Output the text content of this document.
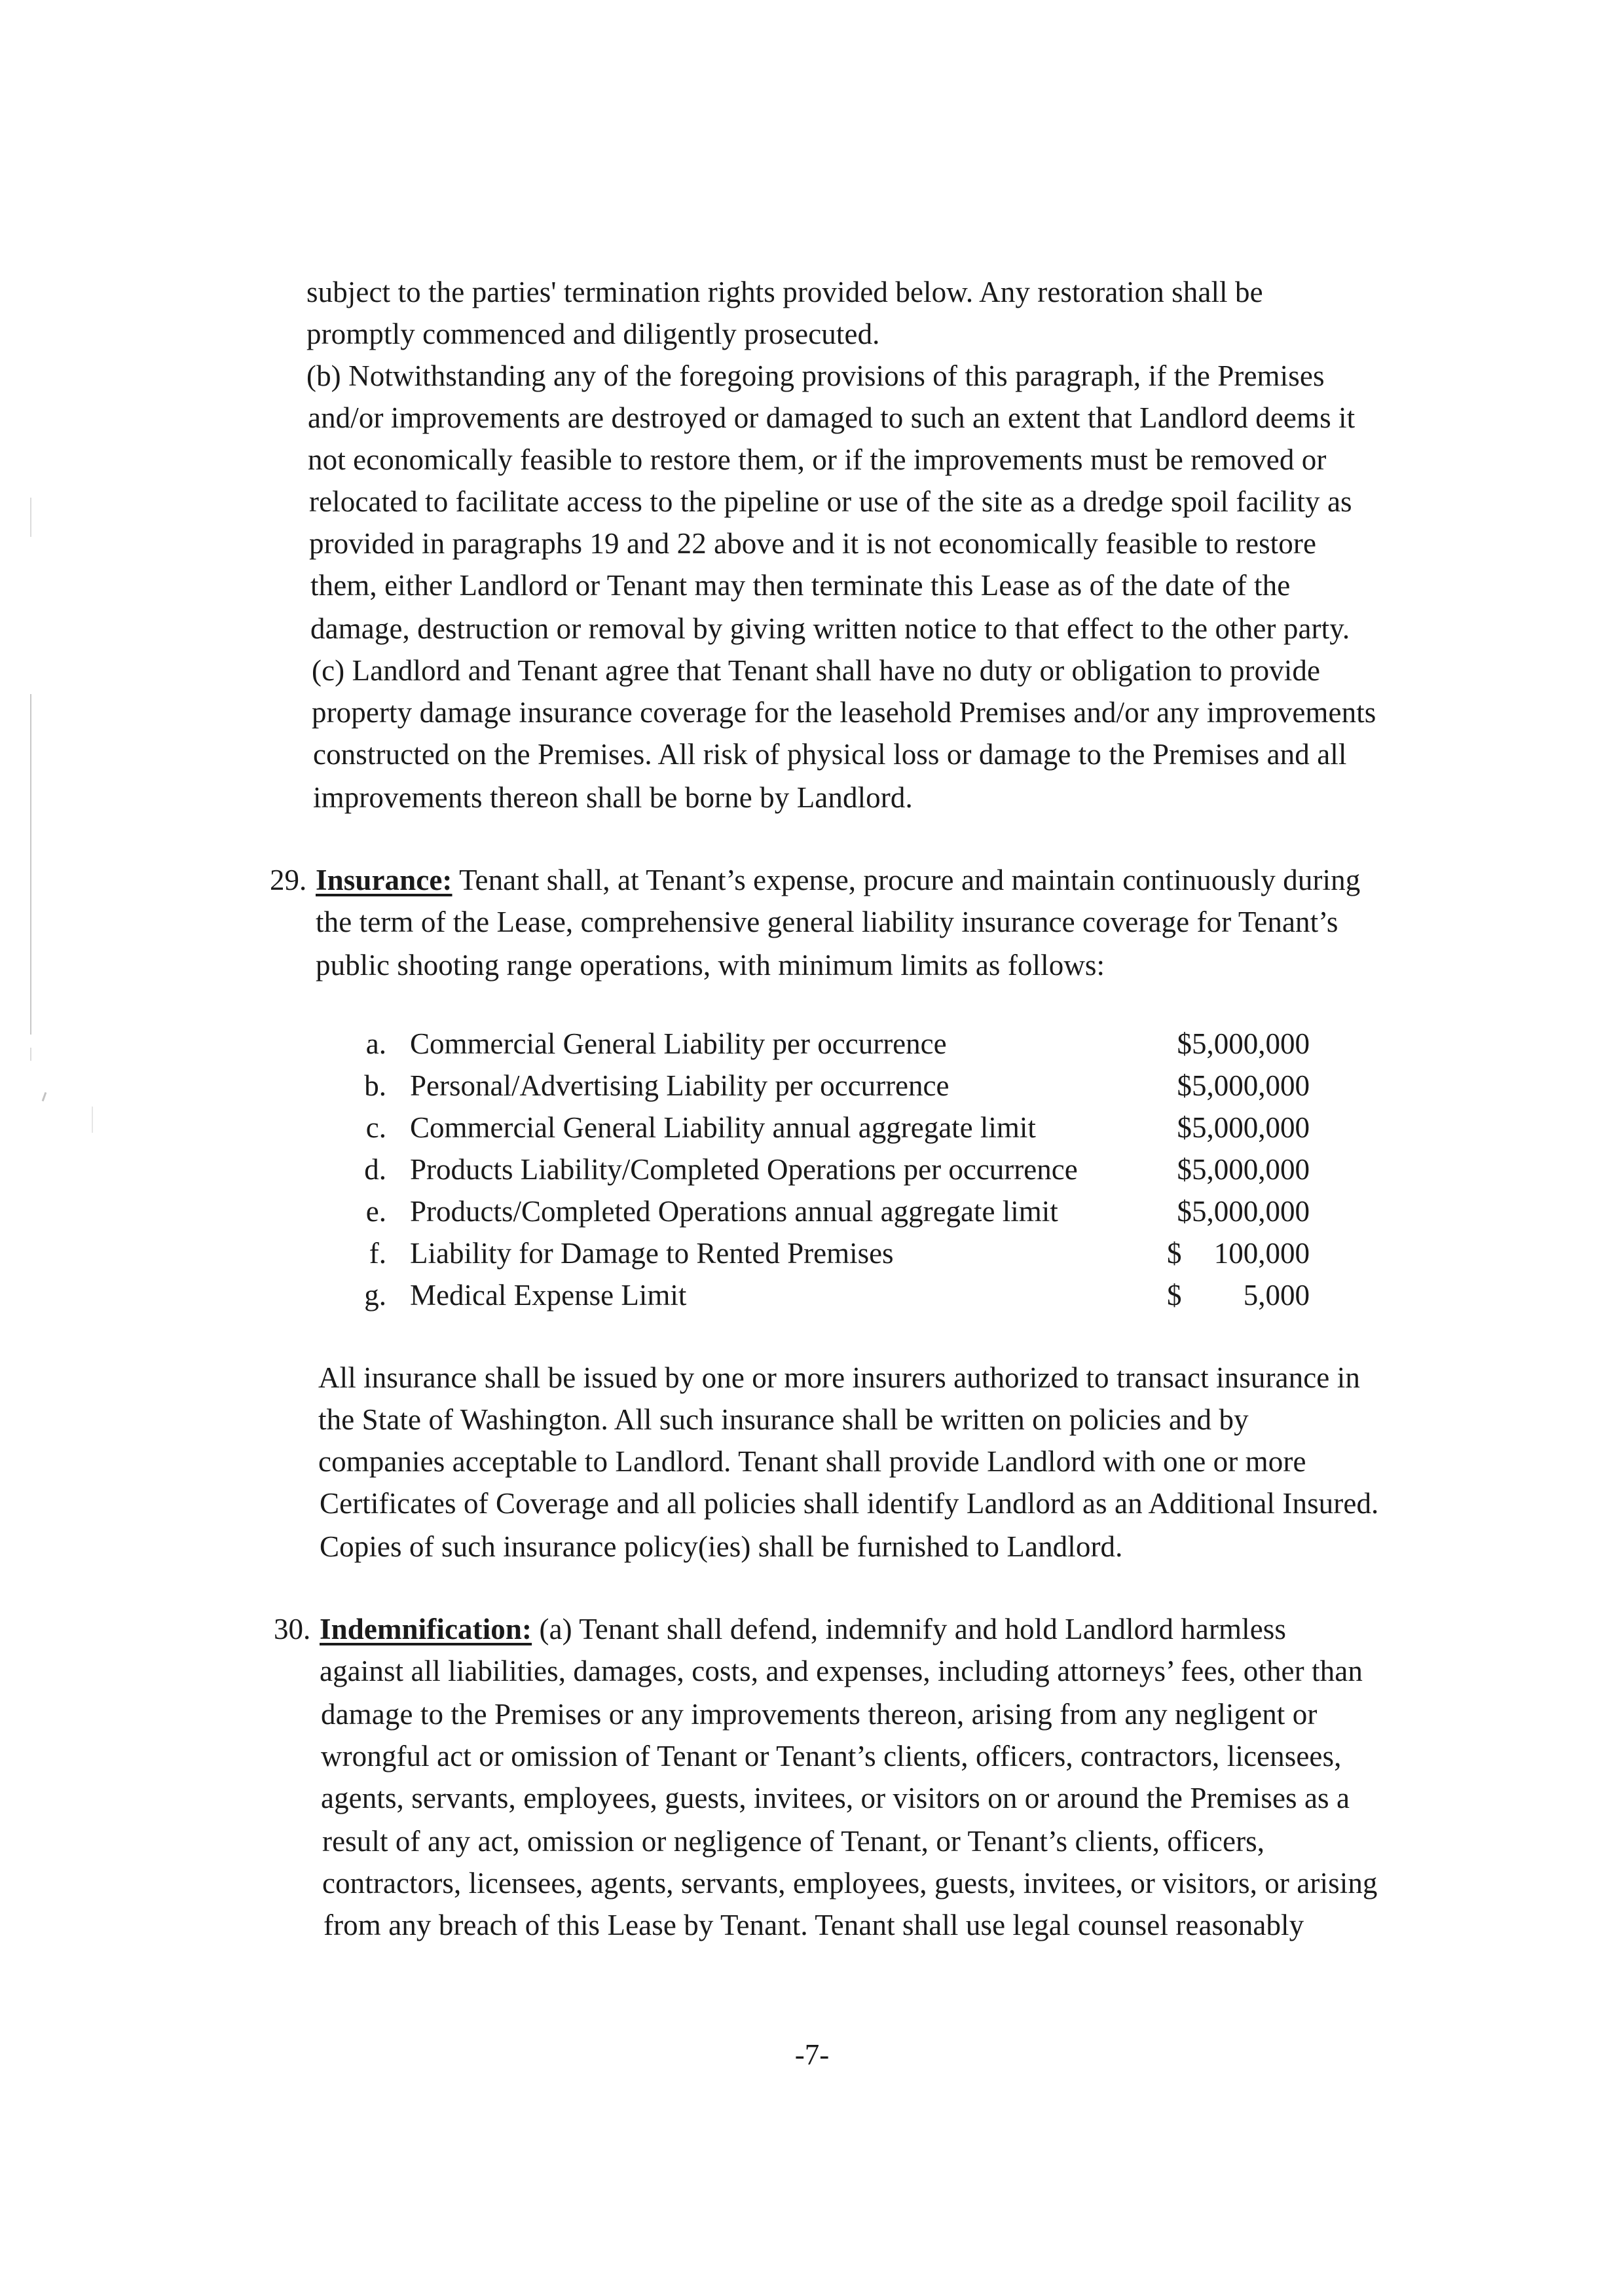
subject to the parties' termination rights provided below. Any restoration shall be
promptly commenced and diligently prosecuted.
(b) Notwithstanding any of the foregoing provisions of this paragraph, if the Premises
and/or improvements are destroyed or damaged to such an extent that Landlord deems it
not economically feasible to restore them, or if the improvements must be removed or
relocated to facilitate access to the pipeline or use of the site as a dredge spoil facility as
provided in paragraphs 19 and 22 above and it is not economically feasible to restore
them, either Landlord or Tenant may then terminate this Lease as of the date of the
damage, destruction or removal by giving written notice to that effect to the other party.
(c) Landlord and Tenant agree that Tenant shall have no duty or obligation to provide
property damage insurance coverage for the leasehold Premises and/or any improvements
constructed on the Premises. All risk of physical loss or damage to the Premises and all
improvements thereon shall be borne by Landlord.
29. Insurance: Tenant shall, at Tenant’s expense, procure and maintain continuously during
the term of the Lease, comprehensive general liability insurance coverage for Tenant’s
public shooting range operations, with minimum limits as follows:
a. Commercial General Liability per occurrence	$5,000,000
b. Personal/Advertising Liability per occurrence	$5,000,000
c. Commercial General Liability annual aggregate limit	$5,000,000
d. Products Liability/Completed Operations per occurrence	$5,000,000
e. Products/Completed Operations annual aggregate limit	$5,000,000
f. Liability for Damage to Rented Premises	$	100,000
g. Medical Expense Limit	$	5,000
All insurance shall be issued by one or more insurers authorized to transact insurance in
the State of Washington. All such insurance shall be written on policies and by
companies acceptable to Landlord. Tenant shall provide Landlord with one or more
Certificates of Coverage and all policies shall identify Landlord as an Additional Insured.
Copies of such insurance policy(ies) shall be furnished to Landlord.
30. Indemnification: (a) Tenant shall defend, indemnify and hold Landlord harmless
against all liabilities, damages, costs, and expenses, including attorneys’ fees, other than
damage to the Premises or any improvements thereon, arising from any negligent or
wrongful act or omission of Tenant or Tenant’s clients, officers, contractors, licensees,
agents, servants, employees, guests, invitees, or visitors on or around the Premises as a
result of any act, omission or negligence of Tenant, or Tenant’s clients, officers,
contractors, licensees, agents, servants, employees, guests, invitees, or visitors, or arising
from any breach of this Lease by Tenant. Tenant shall use legal counsel reasonably
-7-
